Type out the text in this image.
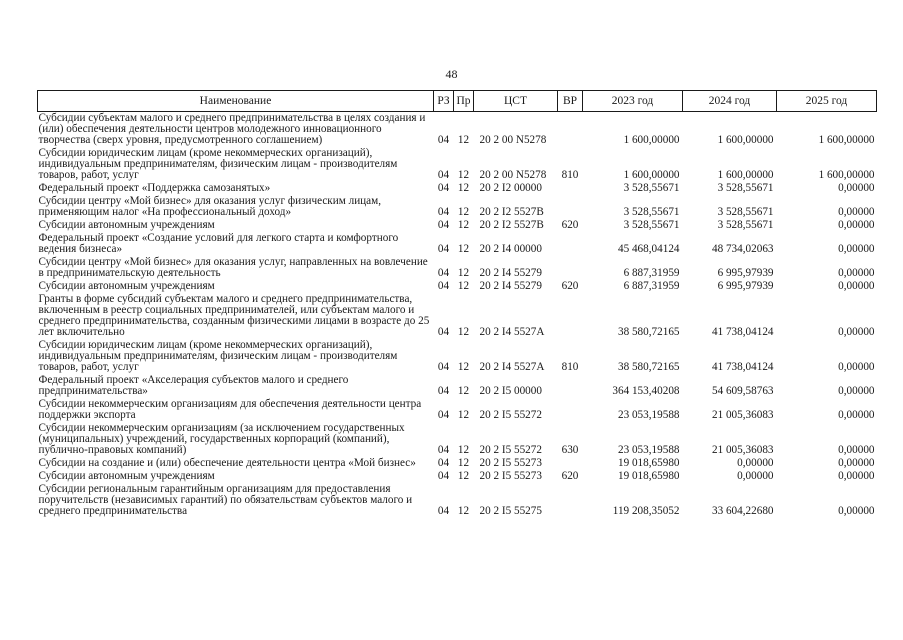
48
Наименование	РЗ	Пр	ЦСТ	ВР	2023 год	2024 год	2025 год
Субсидии субъектам малого и среднего предпринимательства в целях создания и (или) обеспечения деятельности центров молодежного инновационного творчества (сверх уровня, предусмотренного соглашением)	04	12	20 2 00 N5278		1 600,00000	1 600,00000	1 600,00000
Субсидии юридическим лицам (кроме некоммерческих организаций), индивидуальным предпринимателям, физическим лицам - производителям товаров, работ, услуг	04	12	20 2 00 N5278	810	1 600,00000	1 600,00000	1 600,00000
Федеральный проект «Поддержка самозанятых»	04	12	20 2 I2 00000		3 528,55671	3 528,55671	0,00000
Субсидии центру «Мой бизнес» для оказания услуг физическим лицам, применяющим налог «На профессиональный доход»	04	12	20 2 I2 5527B		3 528,55671	3 528,55671	0,00000
Субсидии автономным учреждениям	04	12	20 2 I2 5527B	620	3 528,55671	3 528,55671	0,00000
Федеральный проект «Создание условий для легкого старта и комфортного ведения бизнеса»	04	12	20 2 I4 00000		45 468,04124	48 734,02063	0,00000
Субсидии центру «Мой бизнес» для оказания услуг, направленных на вовлечение в предпринимательскую деятельность	04	12	20 2 I4 55279		6 887,31959	6 995,97939	0,00000
Субсидии автономным учреждениям	04	12	20 2 I4 55279	620	6 887,31959	6 995,97939	0,00000
Гранты в форме субсидий субъектам малого и среднего предпринимательства, включенным в реестр социальных предпринимателей, или субъектам малого и среднего предпринимательства, созданным физическими лицами в возрасте до 25 лет включительно	04	12	20 2 I4 5527A		38 580,72165	41 738,04124	0,00000
Субсидии юридическим лицам (кроме некоммерческих организаций), индивидуальным предпринимателям, физическим лицам - производителям товаров, работ, услуг	04	12	20 2 I4 5527A	810	38 580,72165	41 738,04124	0,00000
Федеральный проект «Акселерация субъектов малого и среднего предпринимательства»	04	12	20 2 I5 00000		364 153,40208	54 609,58763	0,00000
Субсидии некоммерческим организациям для обеспечения деятельности центра поддержки экспорта	04	12	20 2 I5 55272		23 053,19588	21 005,36083	0,00000
Субсидии некоммерческим организациям (за исключением государственных (муниципальных) учреждений, государственных корпораций (компаний), публично-правовых компаний)	04	12	20 2 I5 55272	630	23 053,19588	21 005,36083	0,00000
Субсидии на создание и (или) обеспечение деятельности центра «Мой бизнес»	04	12	20 2 I5 55273		19 018,65980	0,00000	0,00000
Субсидии автономным учреждениям	04	12	20 2 I5 55273	620	19 018,65980	0,00000	0,00000
Субсидии региональным гарантийным организациям для предоставления поручительств (независимых гарантий) по обязательствам субъектов малого и среднего предпринимательства	04	12	20 2 I5 55275		119 208,35052	33 604,22680	0,00000
